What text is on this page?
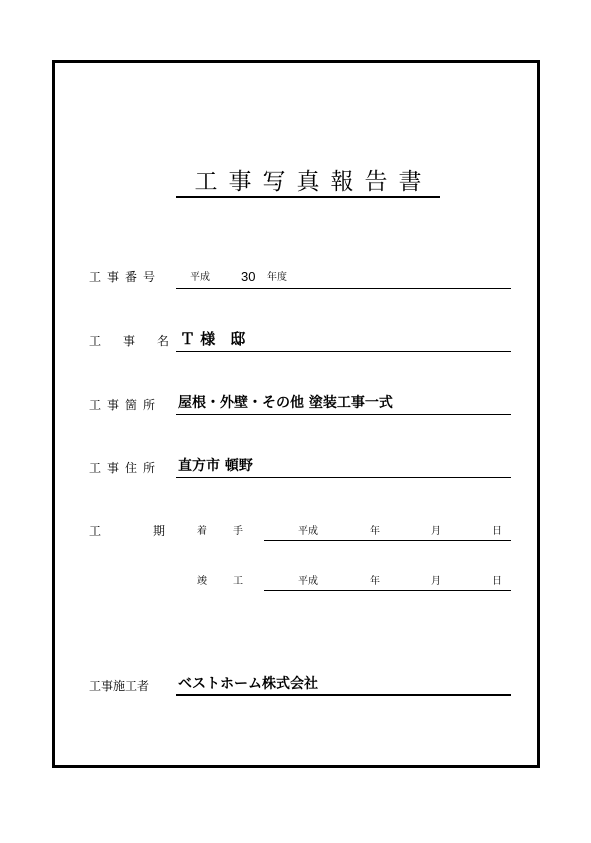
工事写真報告書
工事番号	平成 30 年度
工事名
Ｔ 様　邸
工事箇所 屋根・外壁・その他 塗装工事一式
工事住所 直方市 頓野
工期
着手	平成	年	月	日
竣工	平成	年	月	日
工事施工者 ベストホーム株式会社
